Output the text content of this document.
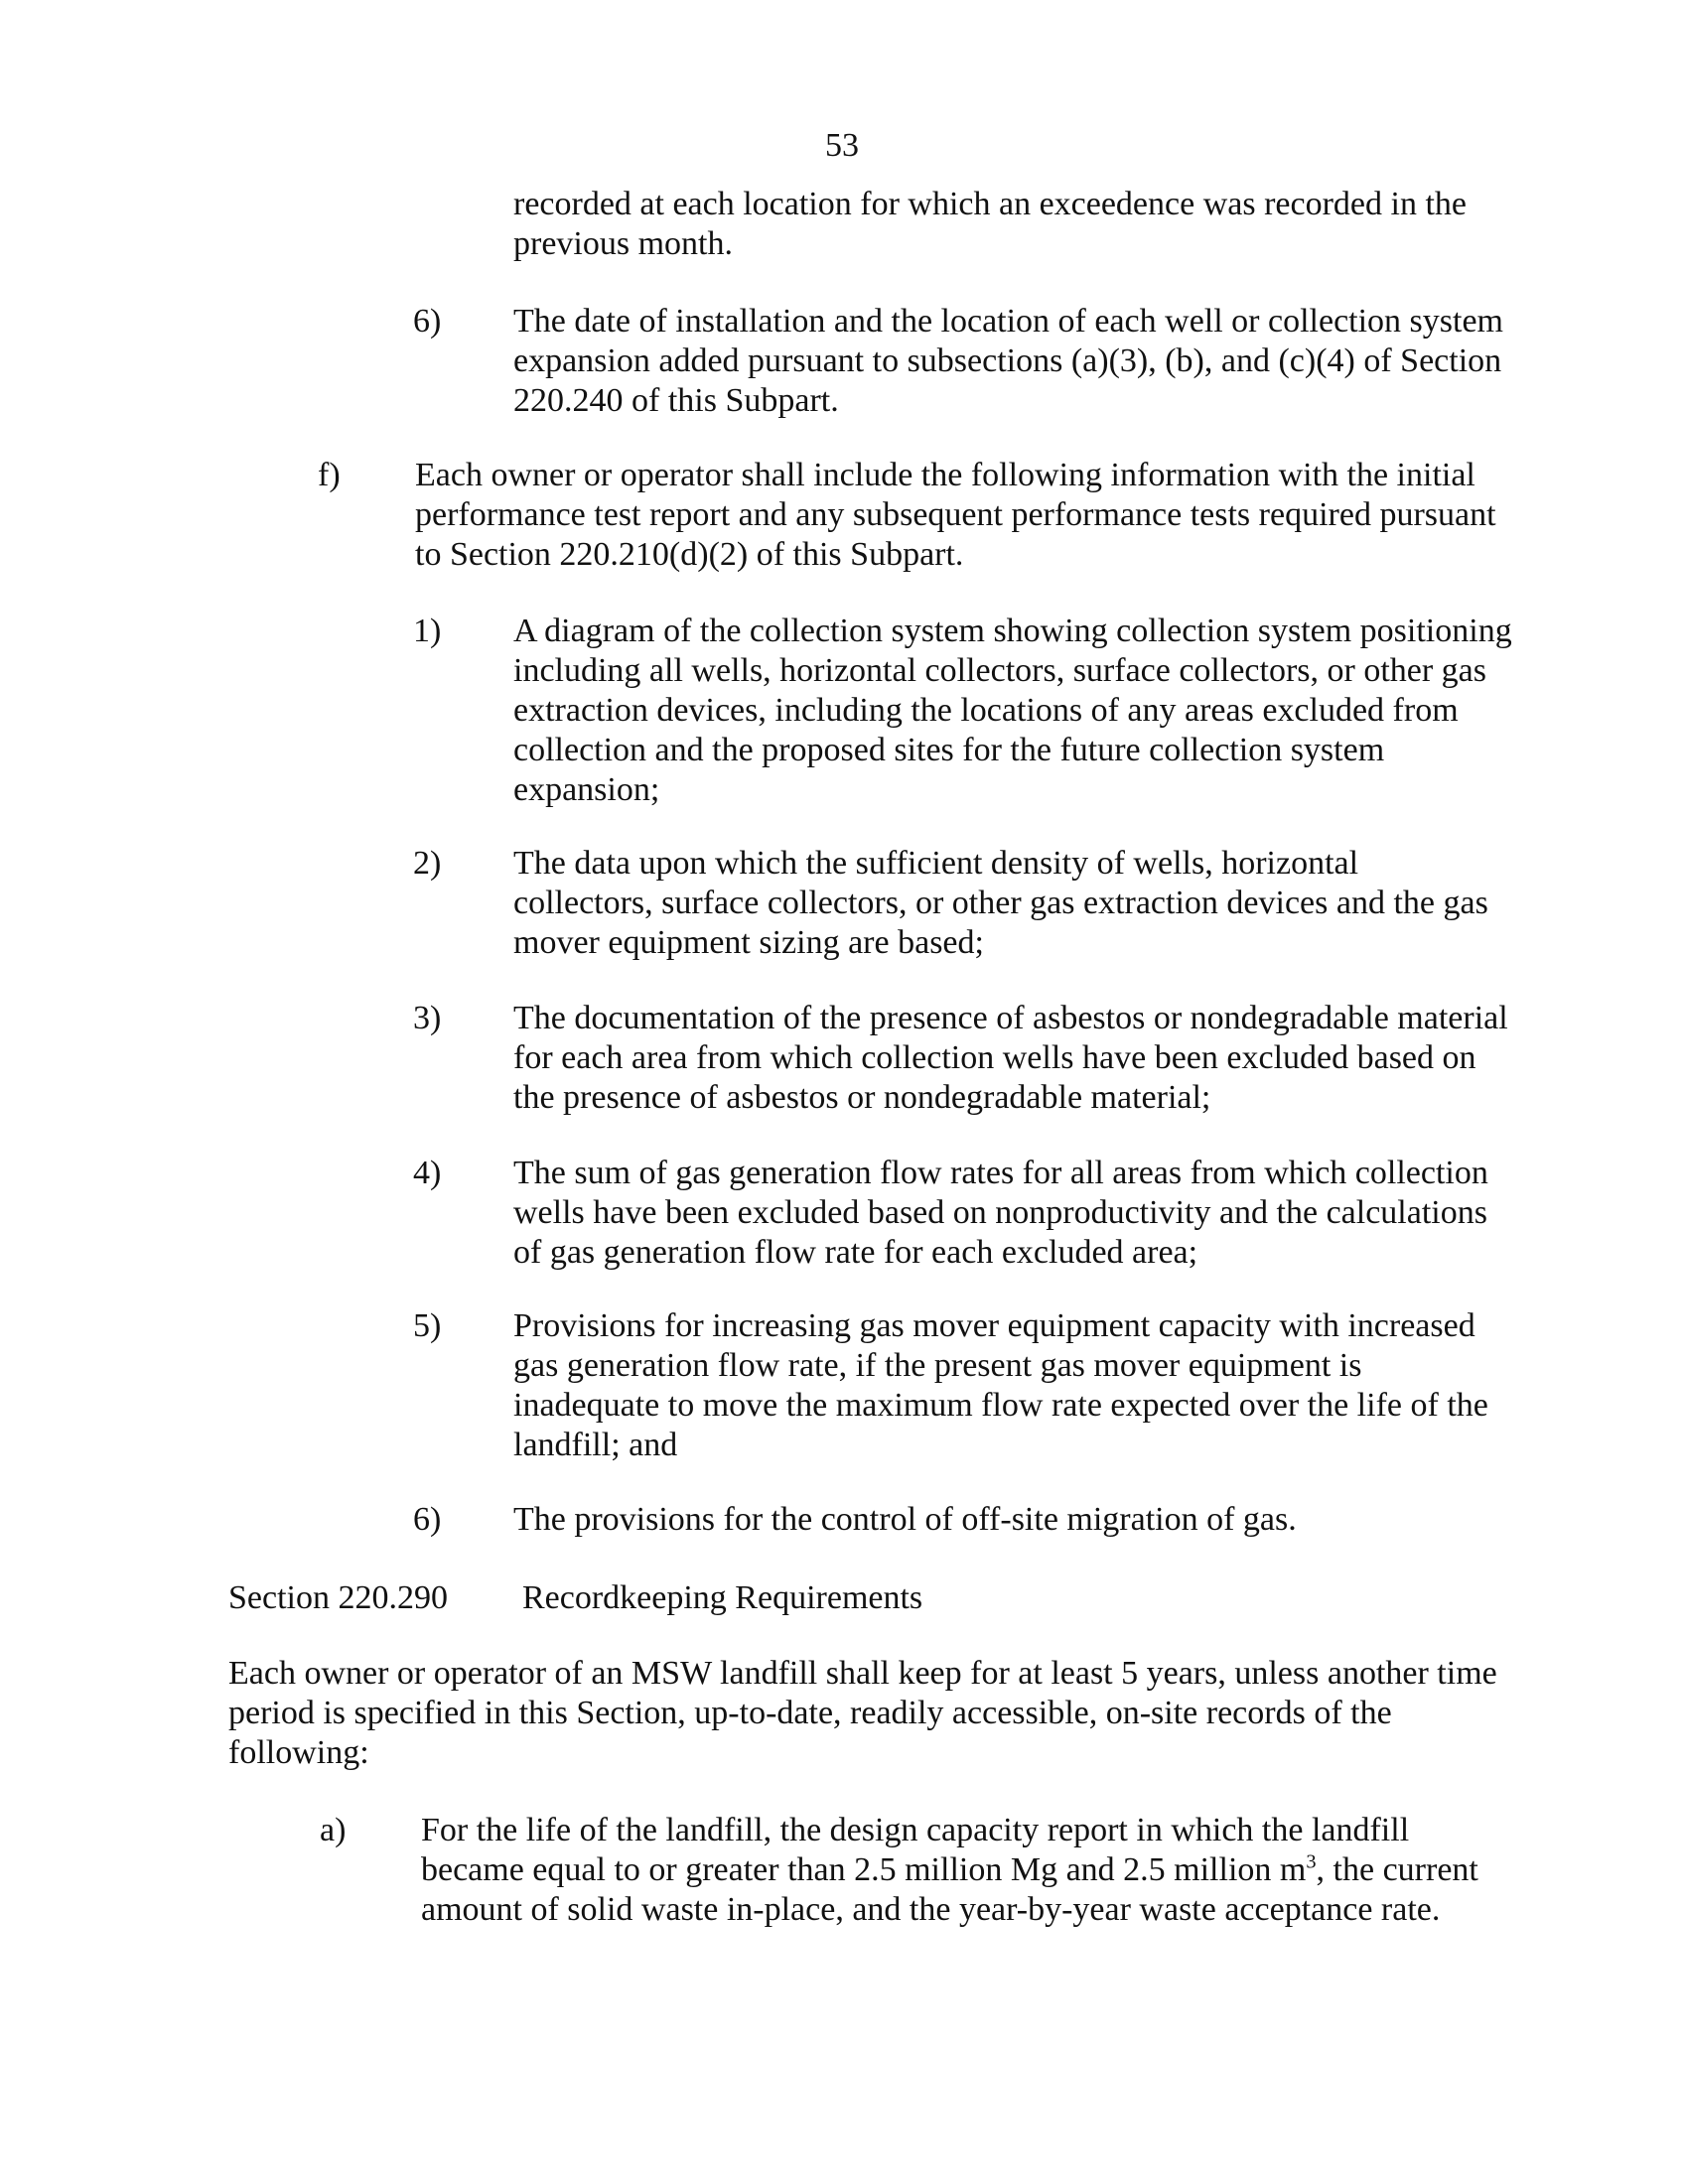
53
recorded at each location for which an exceedence was recorded in the previous month.
6) The date of installation and the location of each well or collection system expansion added pursuant to subsections (a)(3), (b), and (c)(4) of Section 220.240 of this Subpart.
f) Each owner or operator shall include the following information with the initial performance test report and any subsequent performance tests required pursuant to Section 220.210(d)(2) of this Subpart.
1) A diagram of the collection system showing collection system positioning including all wells, horizontal collectors, surface collectors, or other gas extraction devices, including the locations of any areas excluded from collection and the proposed sites for the future collection system expansion;
2) The data upon which the sufficient density of wells, horizontal collectors, surface collectors, or other gas extraction devices and the gas mover equipment sizing are based;
3) The documentation of the presence of asbestos or nondegradable material for each area from which collection wells have been excluded based on the presence of asbestos or nondegradable material;
4) The sum of gas generation flow rates for all areas from which collection wells have been excluded based on nonproductivity and the calculations of gas generation flow rate for each excluded area;
5) Provisions for increasing gas mover equipment capacity with increased gas generation flow rate, if the present gas mover equipment is inadequate to move the maximum flow rate expected over the life of the landfill; and
6) The provisions for the control of off-site migration of gas.
Section 220.290 Recordkeeping Requirements
Each owner or operator of an MSW landfill shall keep for at least 5 years, unless another time period is specified in this Section, up-to-date, readily accessible, on-site records of the following:
a) For the life of the landfill, the design capacity report in which the landfill became equal to or greater than 2.5 million Mg and 2.5 million $m^3$, the current amount of solid waste in-place, and the year-by-year waste acceptance rate.
